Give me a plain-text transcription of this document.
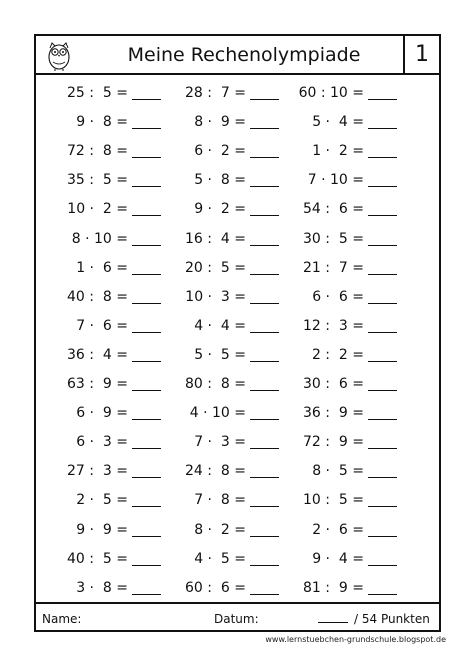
Meine Rechenolympiade	1
25 :  5 =	28 :  7 =	60 : 10 =
9 ·  8 =	8 ·  9 =	5 ·  4 =
72 :  8 =	6 ·  2 =	1 ·  2 =
35 :  5 =	5 ·  8 =	7 · 10 =
10 ·  2 =	9 ·  2 =	54 :  6 =
8 · 10 =	16 :  4 =	30 :  5 =
1 ·  6 =	20 :  5 =	21 :  7 =
40 :  8 =	10 ·  3 =	6 ·  6 =
7 ·  6 =	4 ·  4 =	12 :  3 =
36 :  4 =	5 ·  5 =	2 :  2 =
63 :  9 =	80 :  8 =	30 :  6 =
6 ·  9 =	4 · 10 =	36 :  9 =
6 ·  3 =	7 ·  3 =	72 :  9 =
27 :  3 =	24 :  8 =	8 ·  5 =
2 ·  5 =	7 ·  8 =	10 :  5 =
9 ·  9 =	8 ·  2 =	2 ·  6 =
40 :  5 =	4 ·  5 =	9 ·  4 =
3 ·  8 =	60 :  6 =	81 :  9 =
Name:	Datum:	/ 54 Punkten
www.lernstuebchen-grundschule.blogspot.de
